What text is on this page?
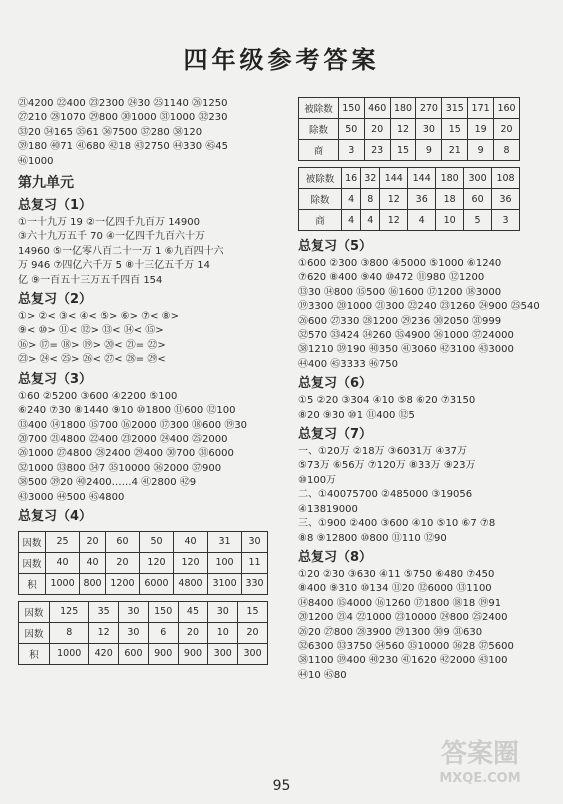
四年级参考答案
㉑4200 ㉒400 ㉓2300 ㉔30 ㉕1140 ㉖1250
㉗210 ㉘1070 ㉙800 ㉚1000 ㉛1000 ㉜230
㉝20 ㉞165 ㉟61 ㊱7500 ㊲280 ㊳120
㊴180 ㊵71 ㊶680 ㊷18 ㊸2750 ㊹330 ㊺45
㊻1000
第九单元
总复习（1）
①一十九万 19 ②一亿四千九百万 14900
③六十九万五千 70 ④一亿四千九百六十万
14960 ⑤一亿零八百二十一万 1 ⑥九百四十六
万 946 ⑦四亿六千万 5 ⑧十三亿五千万 14
亿 ⑨一百五十三万五千四百 154
总复习（2）
①> ②< ③< ④< ⑤> ⑥> ⑦< ⑧>
⑨< ⑩> ⑪< ⑫> ⑬< ⑭< ⑮>
⑯> ⑰= ⑱> ⑲> ⑳< ㉑= ㉒>
㉓> ㉔< ㉕> ㉖< ㉗< ㉘= ㉙<
总复习（3）
①60 ②5200 ③600 ④2200 ⑤100
⑥240 ⑦30 ⑧1440 ⑨10 ⑩1800 ⑪600 ⑫100
⑬400 ⑭1800 ⑮700 ⑯2000 ⑰300 ⑱600 ⑲30
⑳700 ㉑4800 ㉒400 ㉓2000 ㉔400 ㉕2000
㉖1000 ㉗4800 ㉘2400 ㉙400 ㉚700 ㉛6000
㉜1000 ㉝800 ㉞7 ㉟10000 ㊱2000 ㊲900
㊳500 ㊴20 ㊵2400……4 ㊶2800 ㊷9
㊸3000 ㊹500 ㊺4800
总复习（4）
因数	25	20	60	50	40	31	30
因数	40	40	20	120	120	100	11
积	1000	800	1200	6000	4800	3100	330
因数	125	35	30	150	45	30	15
因数	8	12	30	6	20	10	20
积	1000	420	600	900	900	300	300
被除数	150	460	180	270	315	171	160
除数	50	20	12	30	15	19	20
商	3	23	15	9	21	9	8
被除数	16	32	144	144	180	300	108
除数	4	8	12	36	18	60	36
商	4	4	12	4	10	5	3
总复习（5）
①600 ②300 ③800 ④5000 ⑤1000 ⑥1240
⑦620 ⑧400 ⑨40 ⑩472 ⑪980 ⑫1200
⑬30 ⑭800 ⑮500 ⑯1600 ⑰1200 ⑱3000
⑲3300 ⑳1000 ㉑300 ㉒240 ㉓1260 ㉔900 ㉕540
㉖600 ㉗330 ㉘1200 ㉙236 ㉚2050 ㉛999
㉜570 ㉝424 ㉞260 ㉟4900 ㊱1000 ㊲24000
㊳1210 ㊴190 ㊵350 ㊶3060 ㊷3100 ㊸3000
㊹400 ㊺3333 ㊻750
总复习（6）
①5 ②20 ③304 ④10 ⑤8 ⑥20 ⑦3150
⑧20 ⑨30 ⑩1 ⑪400 ⑫5
总复习（7）
一、①20万 ②18万 ③6031万 ④37万
⑤73万 ⑥56万 ⑦120万 ⑧33万 ⑨23万
⑩100万
二、①40075700 ②485000 ③19056
④13819000
三、①900 ②400 ③600 ④10 ⑤10 ⑥7 ⑦8
⑧8 ⑨12800 ⑩800 ⑪110 ⑫90
总复习（8）
①20 ②30 ③630 ④11 ⑤750 ⑥480 ⑦450
⑧400 ⑨310 ⑩134 ⑪20 ⑫6000 ⑬1100
⑭8400 ⑮4000 ⑯1260 ⑰1800 ⑱18 ⑲91
⑳1200 ㉑4 ㉒1000 ㉓10000 ㉔800 ㉕2400
㉖20 ㉗800 ㉘3900 ㉙1300 ㉚9 ㉛630
㉜6300 ㉝3750 ㉞560 ㉟10000 ㊱28 ㊲5600
㊳1100 ㊴400 ㊵230 ㊶1620 ㊷2000 ㊸100
㊹10 ㊺80
95
答案圈
MXQE.COM
